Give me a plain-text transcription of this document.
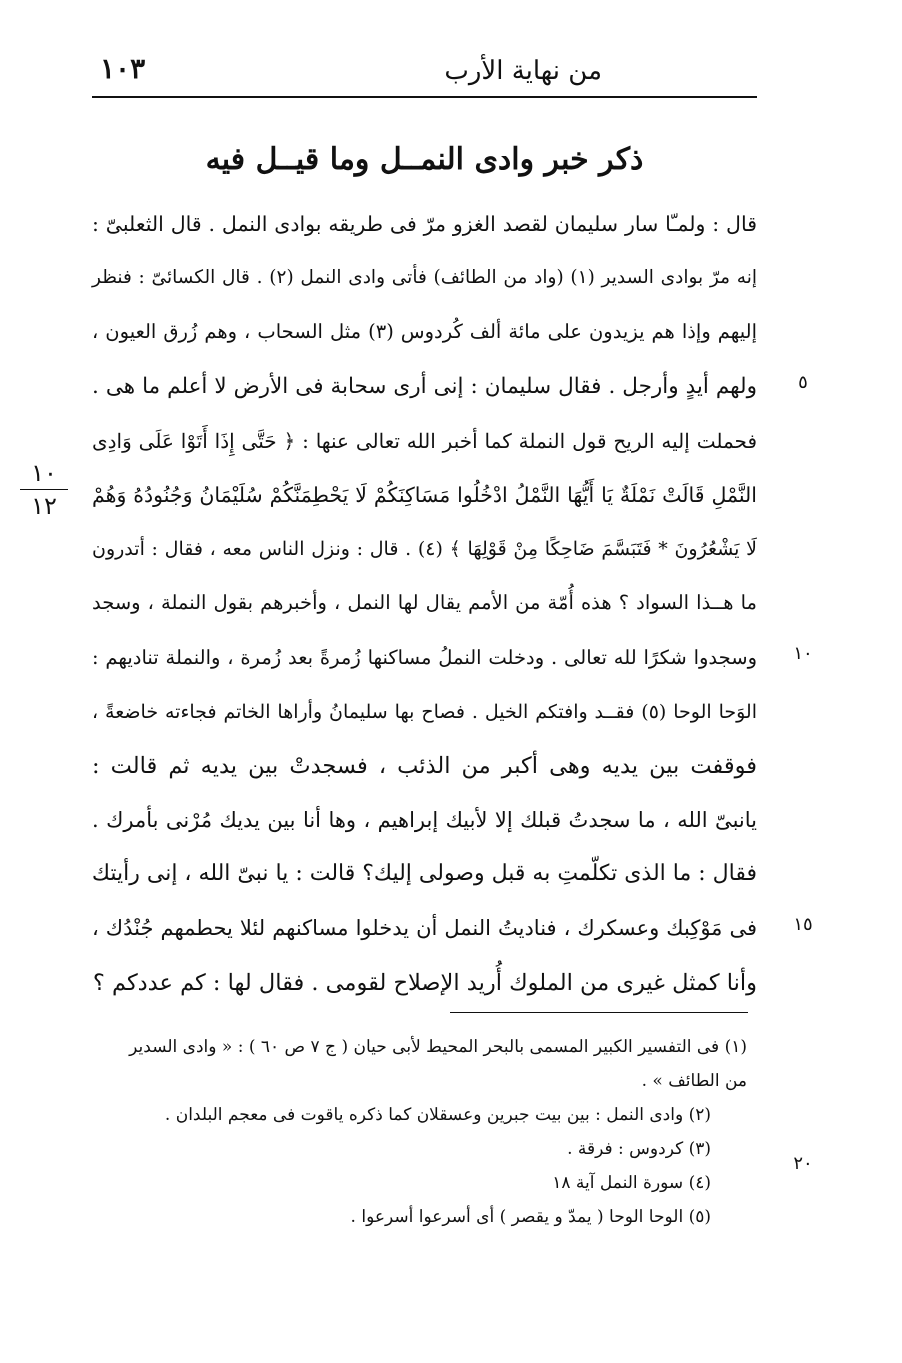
من نهاية الأرب
١٠٣
ذكر خبر وادى النمــل وما قيــل فيه
قال : ولمـّا سار سليمان لقصد الغزو مرّ فى طريقه بوادى النمل . قال الثعلبىّ :
إنه مرّ بوادى السدير (١) (واد من الطائف) فأتى وادى النمل (٢) . قال الكسائىّ : فنظر
إليهم وإذا هم يزيدون على مائة ألف كُردوس (٣) مثل السحاب ، وهم زُرق العيون ،
ولهم أيدٍ وأرجل . فقال سليمان : إنى أرى سحابة فى الأرض لا أعلم ما هى .
فحملت إليه الريح قول النملة كما أخبر الله تعالى عنها : ﴿ حَتَّى إِذَا أَتَوْا عَلَى وَادِى
النَّمْلِ قَالَتْ نَمْلَةٌ يَا أَيُّهَا النَّمْلُ ادْخُلُوا مَسَاكِنَكُمْ لَا يَحْطِمَنَّكُمْ سُلَيْمَانُ وَجُنُودُهُ وَهُمْ
لَا يَشْعُرُونَ * فَتَبَسَّمَ ضَاحِكًا مِنْ قَوْلِهَا ﴾ (٤) . قال : ونزل الناس معه ، فقال : أتدرون
ما هــذا السواد ؟ هذه أُمّة من الأمم يقال لها النمل ، وأخبرهم بقول النملة ، وسجد
وسجدوا شكرًا لله تعالى . ودخلت النملُ مساكنها زُمرةً بعد زُمرة ، والنملة تناديهم :
الوَحا الوحا (٥) فقــد وافتكم الخيل . فصاح بها سليمانُ وأراها الخاتم فجاءته خاضعةً ،
فوقفت بين يديه وهى أكبر من الذئب ، فسجدتْ بين يديه ثم قالت :
يانبىّ الله ، ما سجدتُ قبلك إلا لأبيك إبراهيم ، وها أنا بين يديك مُرْنى بأمرك .
فقال : ما الذى تكلّمتِ به قبل وصولى إليك؟ قالت : يا نبىّ الله ، إنى رأيتك
فى مَوْكِبك وعسكرك ، فناديتُ النمل أن يدخلوا مساكنهم لئلا يحطمهم جُنْدُك ،
وأنا كمثل غيرى من الملوك أُريد الإصلاح لقومى . فقال لها : كم عددكم ؟
٥
١٠
١٥
٢٠
١٠
١٢
(١) فى التفسير الكبير المسمى بالبحر المحيط لأبى حيان ( ج ٧ ص ٦٠ ) : « وادى السدير
من الطائف » .
(٢) وادى النمل : بين بيت جبرين وعسقلان كما ذكره ياقوت فى معجم البلدان .
(٣) كردوس : فرقة .
(٤) سورة النمل آية ١٨
(٥) الوحا الوحا ( يمدّ و يقصر ) أى أسرعوا أسرعوا .
